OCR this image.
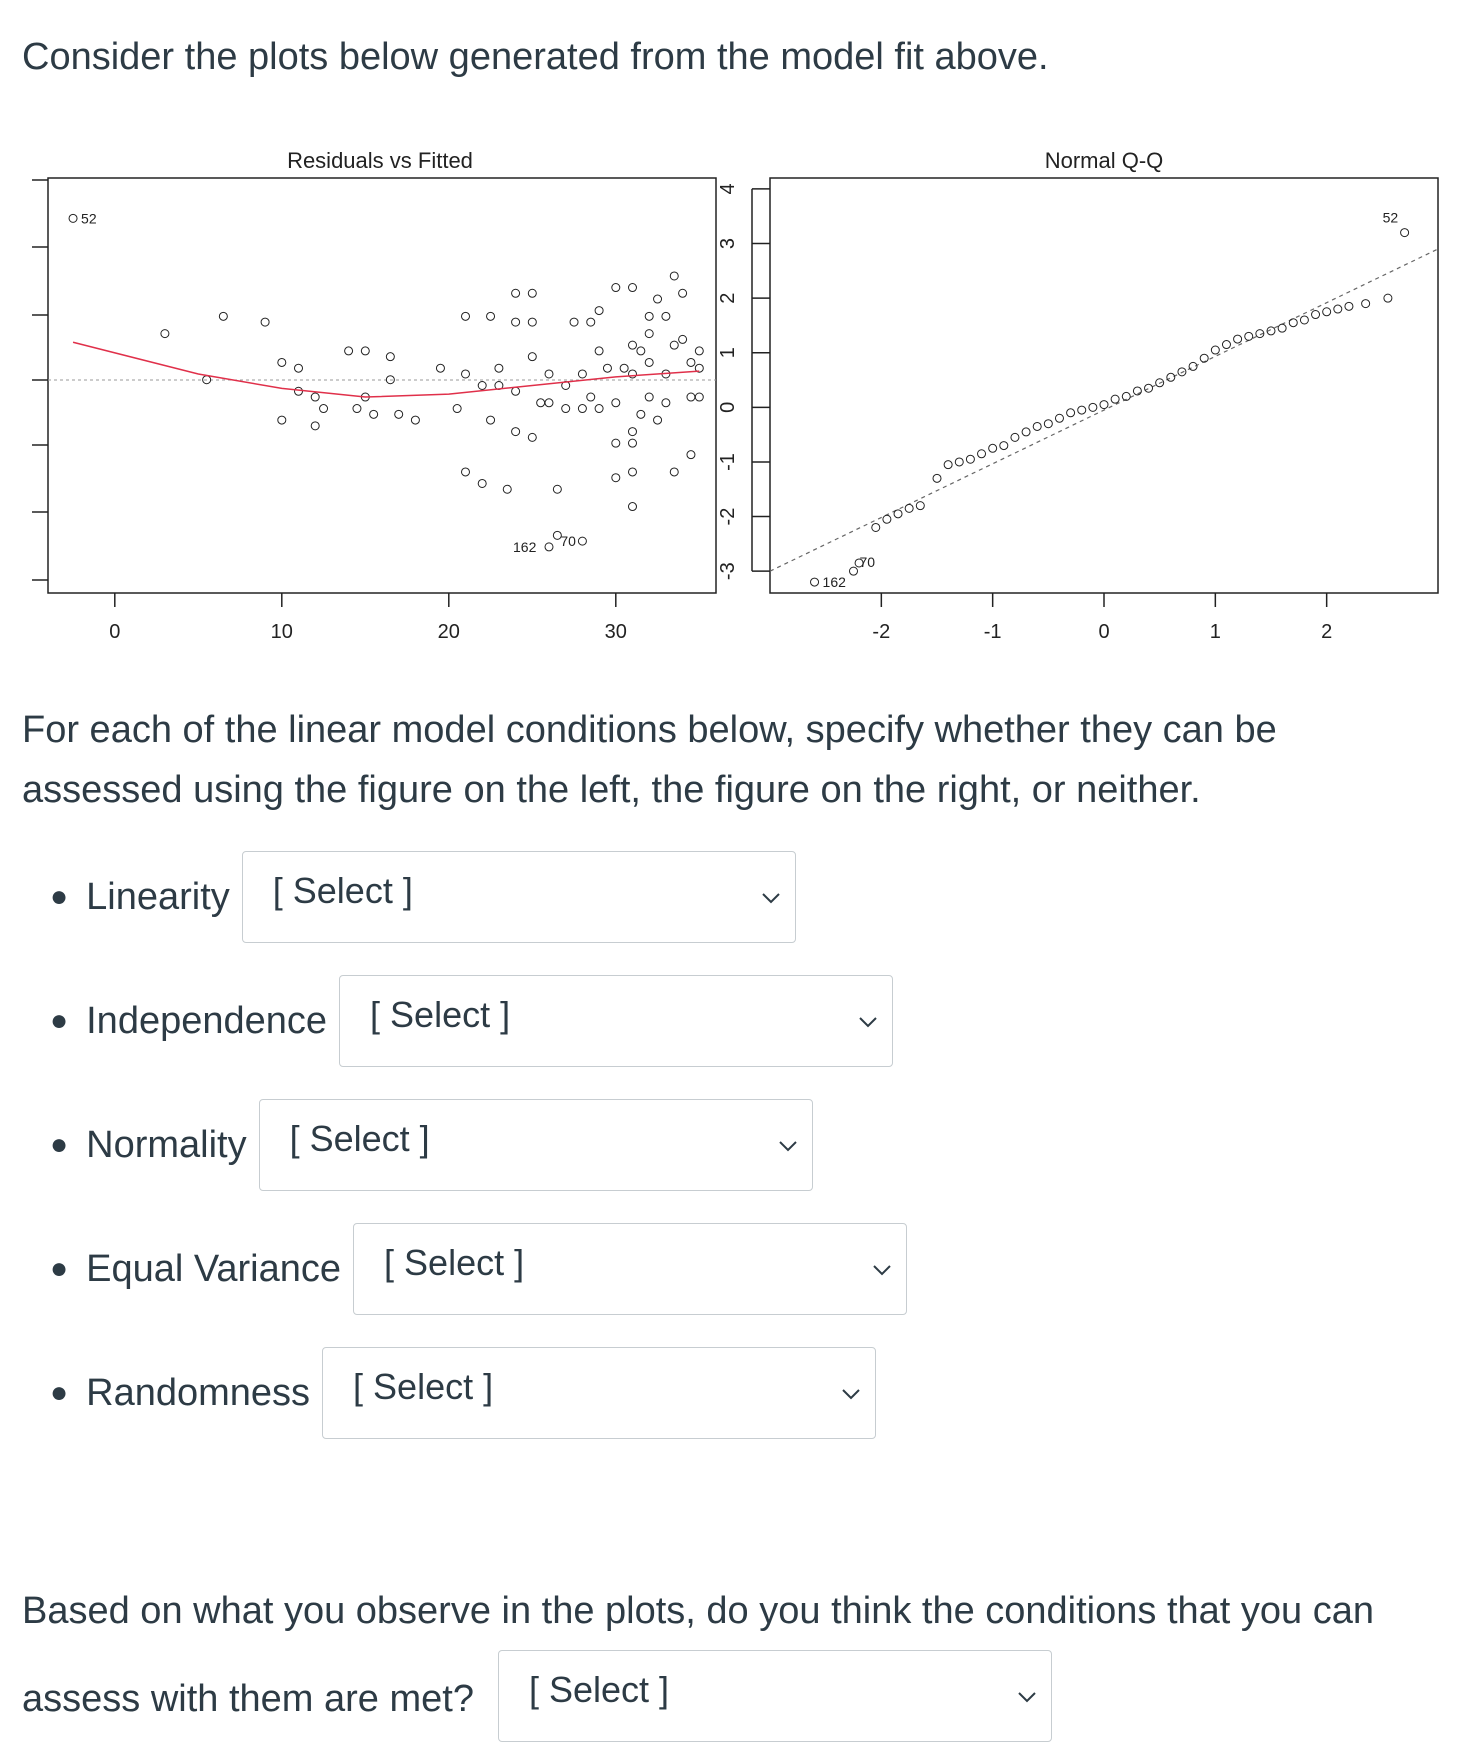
Consider the plots below generated from the model fit above.
Residuals vs Fitted
0	10	20	30
52
162 70
-3
-2
-1
0
1
2
3
4
Normal Q-Q
-2	-1	0	1	2
162
70
52

For each of the linear model conditions below, specify whether they can be assessed using the figure on the left, the figure on the right, or neither.

● Linearity [ Select ]
● Independence [ Select ]
● Normality [ Select ]
● Equal Variance [ Select ]
● Randomness [ Select ]

Based on what you observe in the plots, do you think the conditions that you can

assess with them are met? [ Select ]
